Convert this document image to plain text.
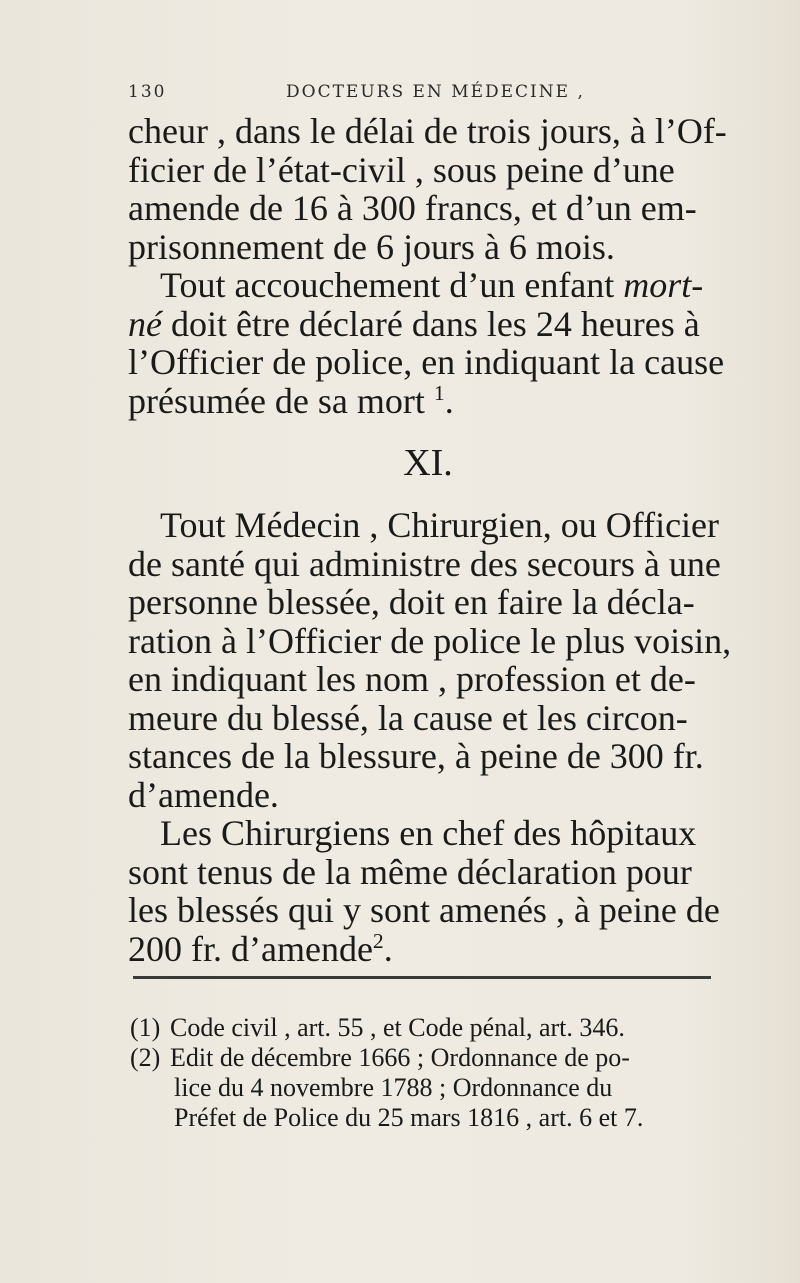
130	DOCTEURS EN MÉDECINE ,

cheur , dans le délai de trois jours, à l’Of-
ficier de l’état-civil , sous peine d’une
amende de 16 à 300 francs, et d’un em-
prisonnement de 6 jours à 6 mois.

Tout accouchement d’un enfant mort-
né doit être déclaré dans les 24 heures à
l’Officier de police, en indiquant la cause
présumée de sa mort $^1$.

XI.

Tout Médecin , Chirurgien, ou Officier
de santé qui administre des secours à une
personne blessée, doit en faire la décla-
ration à l’Officier de police le plus voisin,
en indiquant les nom , profession et de-
meure du blessé, la cause et les circon-
stances de la blessure, à peine de 300 fr.
d’amende.

Les Chirurgiens en chef des hôpitaux
sont tenus de la même déclaration pour
les blessés qui y sont amenés , à peine de
200 fr. d’amende$^2$.

(1) Code civil , art. 55 , et Code pénal, art. 346.

(2) Edit de décembre 1666 ; Ordonnance de po-
lice du 4 novembre 1788 ; Ordonnance du
Préfet de Police du 25 mars 1816 , art. 6 et 7.
